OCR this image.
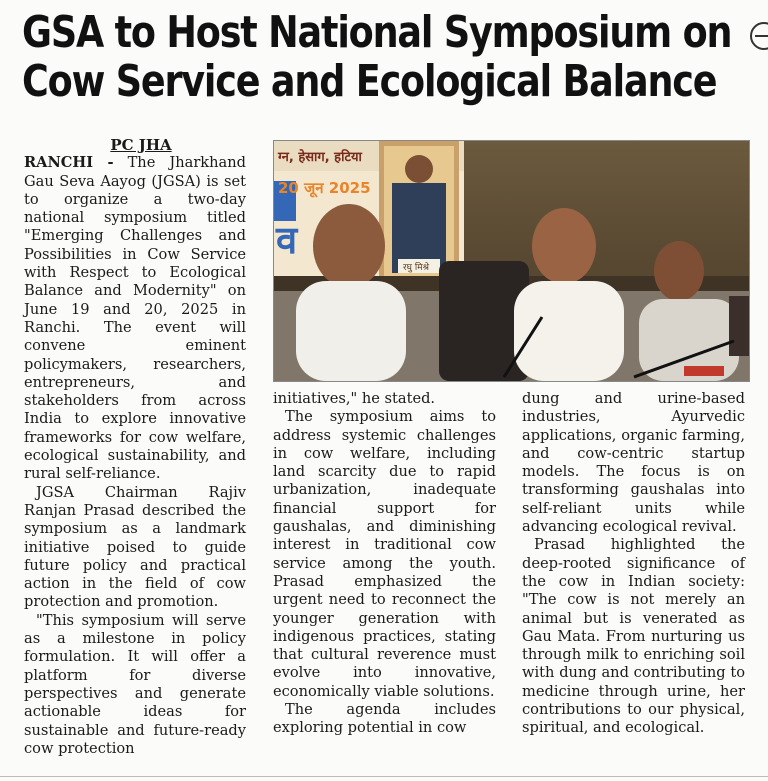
GSA to Host National Symposium on
Cow Service and Ecological Balance

PC JHA

RANCHI - The Jharkhand Gau Seva Aayog (JGSA) is set to organize a two-day national symposium titled "Emerging Challenges and Possibilities in Cow Service with Respect to Ecological Balance and Modernity" on June 19 and 20, 2025 in Ranchi. The event will convene eminent policymakers, researchers, entrepreneurs, and stakeholders from across India to explore innovative frameworks for cow welfare, ecological sustainability, and rural self-reliance.

JGSA Chairman Rajiv Ranjan Prasad described the symposium as a landmark initiative poised to guide future policy and practical action in the field of cow protection and promotion.

"This symposium will serve as a milestone in policy formulation. It will offer a platform for diverse perspectives and generate actionable ideas for sustainable and future-ready cow protection

ग्न, हेसाग, हटिया
20 जून 2025
व
रघु मिश्रे

initiatives," he stated.

The symposium aims to address systemic challenges in cow welfare, including land scarcity due to rapid urbanization, inadequate financial support for gaushalas, and diminishing interest in traditional cow service among the youth. Prasad emphasized the urgent need to reconnect the younger generation with indigenous practices, stating that cultural reverence must evolve into innovative, economically viable solutions.

The agenda includes exploring potential in cow

dung and urine-based industries, Ayurvedic applications, organic farming, and cow-centric startup models. The focus is on transforming gaushalas into self-reliant units while advancing ecological revival.

Prasad highlighted the deep-rooted significance of the cow in Indian society: "The cow is not merely an animal but is venerated as Gau Mata. From nurturing us through milk to enriching soil with dung and contributing to medicine through urine, her contributions to our physical, spiritual, and ecological.
